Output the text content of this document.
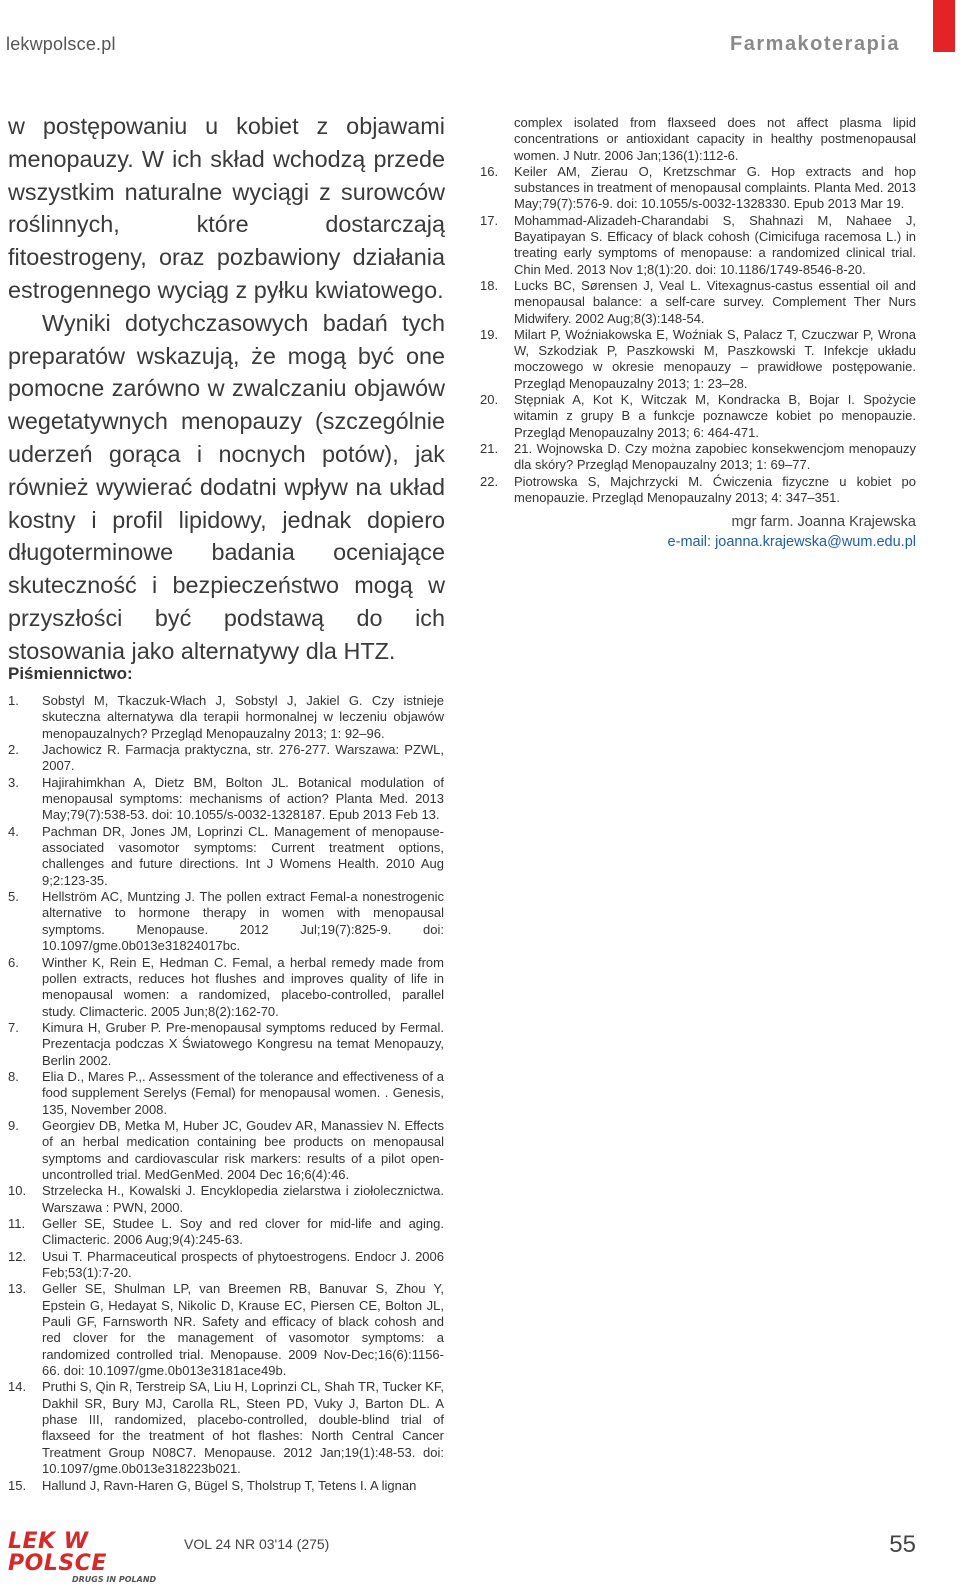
lekwpolsce.pl	Farmakoterapia

w postępowaniu u kobiet z objawami menopauzy. W ich skład wchodzą przede wszystkim naturalne wyciągi z surowców roślinnych, które dostarczają fitoestrogeny, oraz pozbawiony działania estrogennego wyciąg z pyłku kwiatowego.

Wyniki dotychczasowych badań tych preparatów wskazują, że mogą być one pomocne zarówno w zwalczaniu objawów wegetatywnych menopauzy (szczególnie uderzeń gorąca i nocnych potów), jak również wywierać dodatni wpływ na układ kostny i profil lipidowy, jednak dopiero długoterminowe badania oceniające skuteczność i bezpieczeństwo mogą w przyszłości być podstawą do ich stosowania jako alternatywy dla HTZ.

Piśmiennictwo:
1. Sobstyl M, Tkaczuk-Włach J, Sobstyl J, Jakiel G. Czy istnieje skuteczna alternatywa dla terapii hormonalnej w leczeniu objawów menopauzalnych? Przegląd Menopauzalny 2013; 1: 92–96.
2. Jachowicz R. Farmacja praktyczna, str. 276-277. Warszawa: PZWL, 2007.
3. Hajirahimkhan A, Dietz BM, Bolton JL. Botanical modulation of menopausal symptoms: mechanisms of action? Planta Med. 2013 May;79(7):538-53. doi: 10.1055/s-0032-1328187. Epub 2013 Feb 13.
4. Pachman DR, Jones JM, Loprinzi CL. Management of menopause-associated vasomotor symptoms: Current treatment options, challenges and future directions. Int J Womens Health. 2010 Aug 9;2:123-35.
5. Hellström AC, Muntzing J. The pollen extract Femal-a nonestrogenic alternative to hormone therapy in women with menopausal symptoms. Menopause. 2012 Jul;19(7):825-9. doi: 10.1097/gme.0b013e31824017bc.
6. Winther K, Rein E, Hedman C. Femal, a herbal remedy made from pollen extracts, reduces hot flushes and improves quality of life in menopausal women: a randomized, placebo-controlled, parallel study. Climacteric. 2005 Jun;8(2):162-70.
7. Kimura H, Gruber P. Pre-menopausal symptoms reduced by Fermal. Prezentacja podczas X Światowego Kongresu na temat Menopauzy, Berlin 2002.
8. Elia D., Mares P.,. Assessment of the tolerance and effectiveness of a food supplement Serelys (Femal) for menopausal women. . Genesis, 135, November 2008.
9. Georgiev DB, Metka M, Huber JC, Goudev AR, Manassiev N. Effects of an herbal medication containing bee products on menopausal symptoms and cardiovascular risk markers: results of a pilot open-uncontrolled trial. MedGenMed. 2004 Dec 16;6(4):46.
10. Strzelecka H., Kowalski J. Encyklopedia zielarstwa i ziołolecznictwa. Warszawa : PWN, 2000.
11. Geller SE, Studee L. Soy and red clover for mid-life and aging. Climacteric. 2006 Aug;9(4):245-63.
12. Usui T. Pharmaceutical prospects of phytoestrogens. Endocr J. 2006 Feb;53(1):7-20.
13. Geller SE, Shulman LP, van Breemen RB, Banuvar S, Zhou Y, Epstein G, Hedayat S, Nikolic D, Krause EC, Piersen CE, Bolton JL, Pauli GF, Farnsworth NR. Safety and efficacy of black cohosh and red clover for the management of vasomotor symptoms: a randomized controlled trial. Menopause. 2009 Nov-Dec;16(6):1156-66. doi: 10.1097/gme.0b013e3181ace49b.
14. Pruthi S, Qin R, Terstreip SA, Liu H, Loprinzi CL, Shah TR, Tucker KF, Dakhil SR, Bury MJ, Carolla RL, Steen PD, Vuky J, Barton DL. A phase III, randomized, placebo-controlled, double-blind trial of flaxseed for the treatment of hot flashes: North Central Cancer Treatment Group N08C7. Menopause. 2012 Jan;19(1):48-53. doi: 10.1097/gme.0b013e318223b021.
15. Hallund J, Ravn-Haren G, Bügel S, Tholstrup T, Tetens I. A lignan
complex isolated from flaxseed does not affect plasma lipid concentrations or antioxidant capacity in healthy postmenopausal women. J Nutr. 2006 Jan;136(1):112-6.
16. Keiler AM, Zierau O, Kretzschmar G. Hop extracts and hop substances in treatment of menopausal complaints. Planta Med. 2013 May;79(7):576-9. doi: 10.1055/s-0032-1328330. Epub 2013 Mar 19.
17. Mohammad-Alizadeh-Charandabi S, Shahnazi M, Nahaee J, Bayatipayan S. Efficacy of black cohosh (Cimicifuga racemosa L.) in treating early symptoms of menopause: a randomized clinical trial. Chin Med. 2013 Nov 1;8(1):20. doi: 10.1186/1749-8546-8-20.
18. Lucks BC, Sørensen J, Veal L. Vitexagnus-castus essential oil and menopausal balance: a self-care survey. Complement Ther Nurs Midwifery. 2002 Aug;8(3):148-54.
19. Milart P, Woźniakowska E, Woźniak S, Palacz T, Czuczwar P, Wrona W, Szkodziak P, Paszkowski M, Paszkowski T. Infekcje układu moczowego w okresie menopauzy – prawidłowe postępowanie. Przegląd Menopauzalny 2013; 1: 23–28.
20. Stępniak A, Kot K, Witczak M, Kondracka B, Bojar I. Spożycie witamin z grupy B a funkcje poznawcze kobiet po menopauzie. Przegląd Menopauzalny 2013; 6: 464-471.
21. 21. Wojnowska D. Czy można zapobiec konsekwencjom menopauzy dla skóry? Przegląd Menopauzalny 2013; 1: 69–77.
22. Piotrowska S, Majchrzycki M. Ćwiczenia fizyczne u kobiet po menopauzie. Przegląd Menopauzalny 2013; 4: 347–351.
mgr farm. Joanna Krajewska
e-mail: joanna.krajewska@wum.edu.pl
LEK W POLSCE
DRUGS IN POLAND
VOL 24 NR 03'14 (275)	55
